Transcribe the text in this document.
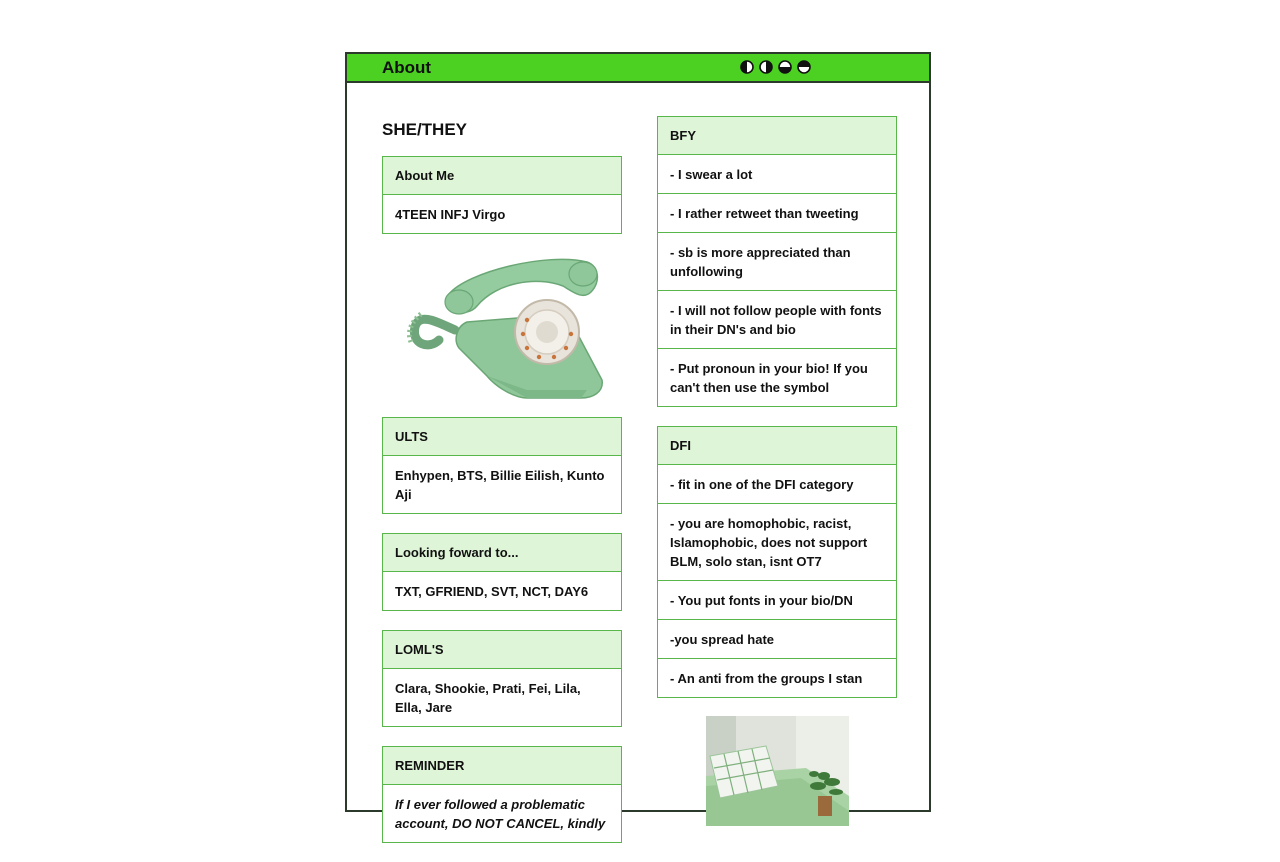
About
SHE/THEY
About Me
4TEEN INFJ Virgo
ULTS
Enhypen, BTS, Billie Eilish, Kunto Aji
Looking foward to...
TXT, GFRIEND, SVT, NCT, DAY6
LOML'S
Clara, Shookie, Prati, Fei, Lila, Ella, Jare
REMINDER
If I ever followed a problematic account, DO NOT CANCEL, kindly
BFY
- I swear a lot
- I rather retweet than tweeting
- sb is more appreciated than unfollowing
- I will not follow people with fonts in their DN's and bio
- Put pronoun in your bio! If you can't then use the symbol
DFI
- fit in one of the DFI category
- you are homophobic, racist, Islamophobic, does not support BLM, solo stan, isnt OT7
- You put fonts in your bio/DN
-you spread hate
- An anti from the groups I stan
